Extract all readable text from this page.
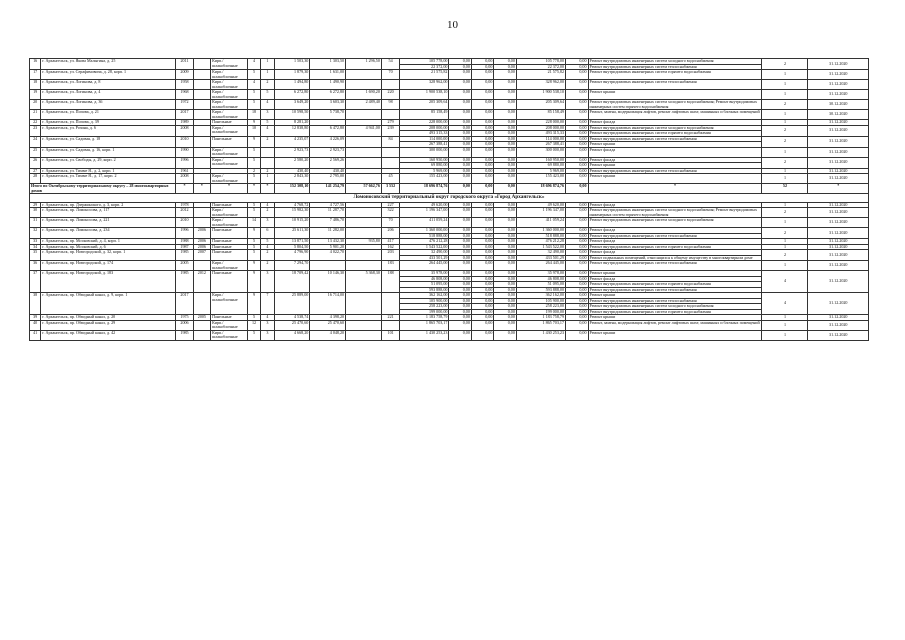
10
16	г. Архангельск, ул. Якова Малыгина, д. 25	2011		Кирп./ шлакоблочные	4	1	1 503,30	1 303,50	1 296,50	54	105 778,00	0,00	0,00	0,00	105 778,00	0,00	Ремонт внутридомовых инженерных систем холодного водоснабжения	2	31.12.2020
											22 372,00	0,00	0,00	0,00	22 372,00	0,00	Ремонт внутридомовых инженерных систем теплоснабжения		
17	г. Архангельск, ул. Серафимовича, д. 28, корп. 1	2009		Кирп./ шлакоблочные	5	1	1 879,30	1 631,00		70	21 575,82	0,00	0,00	0,00	21 575,82	0,00	Ремонт внутридомовых инженерных систем горячего водоснабжения	1	31.12.2020
18	г. Архангельск, ул. Логинова, д. 8	1958		Кирп./ шлакоблочные	4	2	1 494,80	1 490,90			328 962,00	0,00	0,00	0,00	328 962,00	0,00	Ремонт внутридомовых инженерных систем теплоснабжения	1	31.12.2020
19	г. Архангельск, ул. Логинова, д. 4	1968		Кирп./ шлакоблочные	5	5	6 272,80	6 272,80	1 690,20	220	1 900 538,10	0,00	0,00	0,00	1 900 538,10	0,00	Ремонт крыши	1	31.12.2020
20	г. Архангельск, ул. Логинова, д. 36	1972		Кирп./ шлакоблочные	5	4	3 649,20	3 603,30	2 489,40	98	205 309,64	0,00	0,00	0,00	205 309,64	0,00	Ремонт внутридомовых инженерных систем холодного водоснабжения; Ремонт внутридомовых инженерных систем горячего водоснабжения	2	30.12.2020
21	г. Архангельск, ул. Попова, д. 21	2017		Кирп./ шлакоблочные	18	3	10 598,50	5 738,70			85 158,49	0,00	0,00	0,00	85 158,49	0,00	Ремонт, замена, модернизация лифтов, ремонт лифтовых шахт, машинных и блочных помещений	1	30.12.2020
22	г. Архангельск, ул. Попова, д. 39	1989		Панельные	9	5	8 281,20			279	228 000,00	0,00	0,00	0,00	228 000,00	0,00	Ремонт фасада	1	31.12.2020
23	г. Архангельск, ул. Розина, д. 6	2008		Кирп./ шлакоблочные	10	4	12 838,80	6 472,80	4 941,00	239	208 000,00	0,00	0,00	0,00	208 000,00	0,00	Ремонт внутридомовых инженерных систем холодного водоснабжения	2	31.12.2020
											493 315,33	0,00	0,00	0,00	493 315,33	0,00	Ремонт внутридомовых инженерных систем горячего водоснабжения		
24	г. Архангельск, ул. Садовая, д. 18	2010		Панельные	9	2	4 235,07	4 226,09		84	114 000,00	0,00	0,00	0,00	114 000,00	0,00	Ремонт внутридомовых инженерных систем теплоснабжения	2	31.12.2020
											267 388,41	0,00	0,00	0,00	267 388,41	0,00	Ремонт крыши		
25	г. Архангельск, ул. Садовая, д. 16, корп. 1	1990		Кирп./ шлакоблочные	5		2 923,73	2 923,73			300 000,00	0,00	0,00	0,00	300 000,00	0,00	Ремонт фасада	1	31.12.2020
26	г. Архангельск, ул. Свободы, д. 29, корп. 2	1996		Кирп./ шлакоблочные	5		2 580,20	2 569,26			160 950,00	0,00	0,00	0,00	160 950,00	0,00	Ремонт фасада	2	31.12.2020
											69 880,00	0,00	0,00	0,00	69 880,00	0,00	Ремонт крыши		
27	г. Архангельск, ул. Тимме Я., д. 2, корп. 1	1961			2	2	430,40	430,40			5 969,00	0,00	0,00	0,00	5 969,00	0,00	Ремонт внутридомовых инженерных систем теплоснабжения	1	31.12.2020
28	г. Архангельск, ул. Тимме Я., д. 17, корп. 2	2008		Кирп./ шлакоблочные	5	1	2 843,30	2 795,00		45	155 423,00	0,00	0,00	0,00	155 423,00	0,00	Ремонт крыши	1	31.12.2020
Итого по Октябрьскому территориальному округу – 28 многоквартирных домов		*	*	*	*	*	152 308,10	141 254,79	57 662,76	3 552	18 696 874,76	0,00	0,00	0,00	18 696 874,76	0,00	*	52	*
Ломоносовский территориальный округ городского округа «Город Архангельск»																			
29	г. Архангельск, пр. Дзержинского, д. 3, корп. 2	1978		Панельные	5	4	4 768,72	4 727,56		227	49 620,00	0,00	0,00	0,00	49 620,00	0,00	Ремонт фасада	1	31.12.2020
30	г. Архангельск, пр. Ломоносова, д. 117	2012		Кирп./ шлакоблочные	5	2	15 982,30	11 287,70		322	1 196 347,00	0,00	0,00	0,00	1 196 347,00	0,00	Ремонт внутридомовых инженерных систем холодного водоснабжения; Ремонт внутридомовых инженерных систем горячего водоснабжения	2	31.12.2020
31	г. Архангельск, пр. Ломоносова, д. 221	2010		Кирп./ шлакоблочные	14	3	10 915,20	7 486,70		70	411 059,24	0,00	0,00	0,00	411 059,24	0,00	Ремонт внутридомовых инженерных систем холодного водоснабжения	1	31.12.2020
32	г. Архангельск, пр. Ломоносова, д. 234	1996	2006	Панельные	9	6	25 611,30	11 282,00		206	1 360 000,00	0,00	0,00	0,00	1 360 000,00	0,00	Ремонт фасада	2	31.12.2020
											518 888,00	0,00	0,00	0,00	518 888,00	0,00	Ремонт внутридомовых инженерных систем теплоснабжения		
33	г. Архангельск, пр. Московский, д. 4, корп. 1	1988	2006	Панельные	5	5	13 871,50	13 432,30	935,80	417	476 212,28	0,00	0,00	0,00	476 212,28	0,00	Ремонт фасада	1	31.12.2020
34	г. Архангельск, пр. Московский, д. 6	1987	2006	Панельные	5	4	5 804,50	5 901,20		162	1 543 522,00	0,00	0,00	0,00	1 543 522,00	0,00	Ремонт внутридомовых инженерных систем горячего водоснабжения	1	31.12.2020
35	г. Архангельск, пр. Новгородский, д. 32, корп. 1	1985	2007	Панельные	5	2	4 796,90	4 022,70		203	32 490,00	0,00	0,00	0,00	32 490,00	0,00	Ремонт фасада	2	31.12.2020
											433 501,29	0,00	0,00	0,00	433 501,29	0,00	Ремонт подвальных помещений, относящихся к общему имуществу в многоквартирном доме		
36	г. Архангельск, пр. Новгородский, д. 174	2005		Кирп./ шлакоблочные	9	2	7 294,70			183	264 445,00	0,00	0,00	0,00	264 445,00	0,00	Ремонт внутридомовых инженерных систем теплоснабжения	1	31.12.2020
37	г. Архангельск, пр. Новгородский, д. 183	1985	2012	Панельные	9	3	18 709,42	10 146,30	5 368,30	188	35 978,00	0,00	0,00	0,00	35 978,00	0,00	Ремонт крыши	4	31.12.2020
											46 808,00	0,00	0,00	0,00	46 808,00	0,00	Ремонт фасада		
											51 095,00	0,00	0,00	0,00	51 095,00	0,00	Ремонт внутридомовых инженерных систем горячего водоснабжения		
											593 888,00	0,00	0,00	0,00	593 888,00	0,00	Ремонт внутридомовых инженерных систем теплоснабжения		
38	г. Архангельск, пр. Обводный канал, д. 9, корп. 1	2017		Кирп./ шлакоблочные	9	7	25 889,00	16 714,00			362 162,00	0,00	0,00	0,00	362 162,00	0,00	Ремонт крыши	4	31.12.2020
											105 900,00	0,00	0,00	0,00	105 900,00	0,00	Ремонт внутридомовых инженерных систем теплоснабжения		
											258 223,00	0,00	0,00	0,00	258 223,00	0,00	Ремонт внутридомовых инженерных систем холодного водоснабжения		
											199 000,00	0,00	0,00	0,00	199 000,00	0,00	Ремонт внутридомовых инженерных систем горячего водоснабжения		
39	г. Архангельск, пр. Обводный канал, д. 20	1975	2005	Панельные	5	4	4 538,74	4 398,20		221	1 183 758,79	0,00	0,00	0,00	1 183 758,79	0,00	Ремонт крыши	1	31.12.2020
40	г. Архангельск, пр. Обводный канал, д. 29	2006		Кирп./ шлакоблочные	12	3	25 470,60	25 470,60			1 865 703,17	0,00	0,00	0,00	1 865 703,17	0,00	Ремонт, замена, модернизация лифтов, ремонт лифтовых шахт, машинных и блочных помещений	1	31.12.2020
41	г. Архангельск, пр. Обводный канал, д. 42	1985		Кирп./ шлакоблочные	5	3	4 668,20	4 048,20		101	1 430 253,23	0,00	0,00	0,00	1 430 253,23	0,00	Ремонт крыши	1	31.12.2020
